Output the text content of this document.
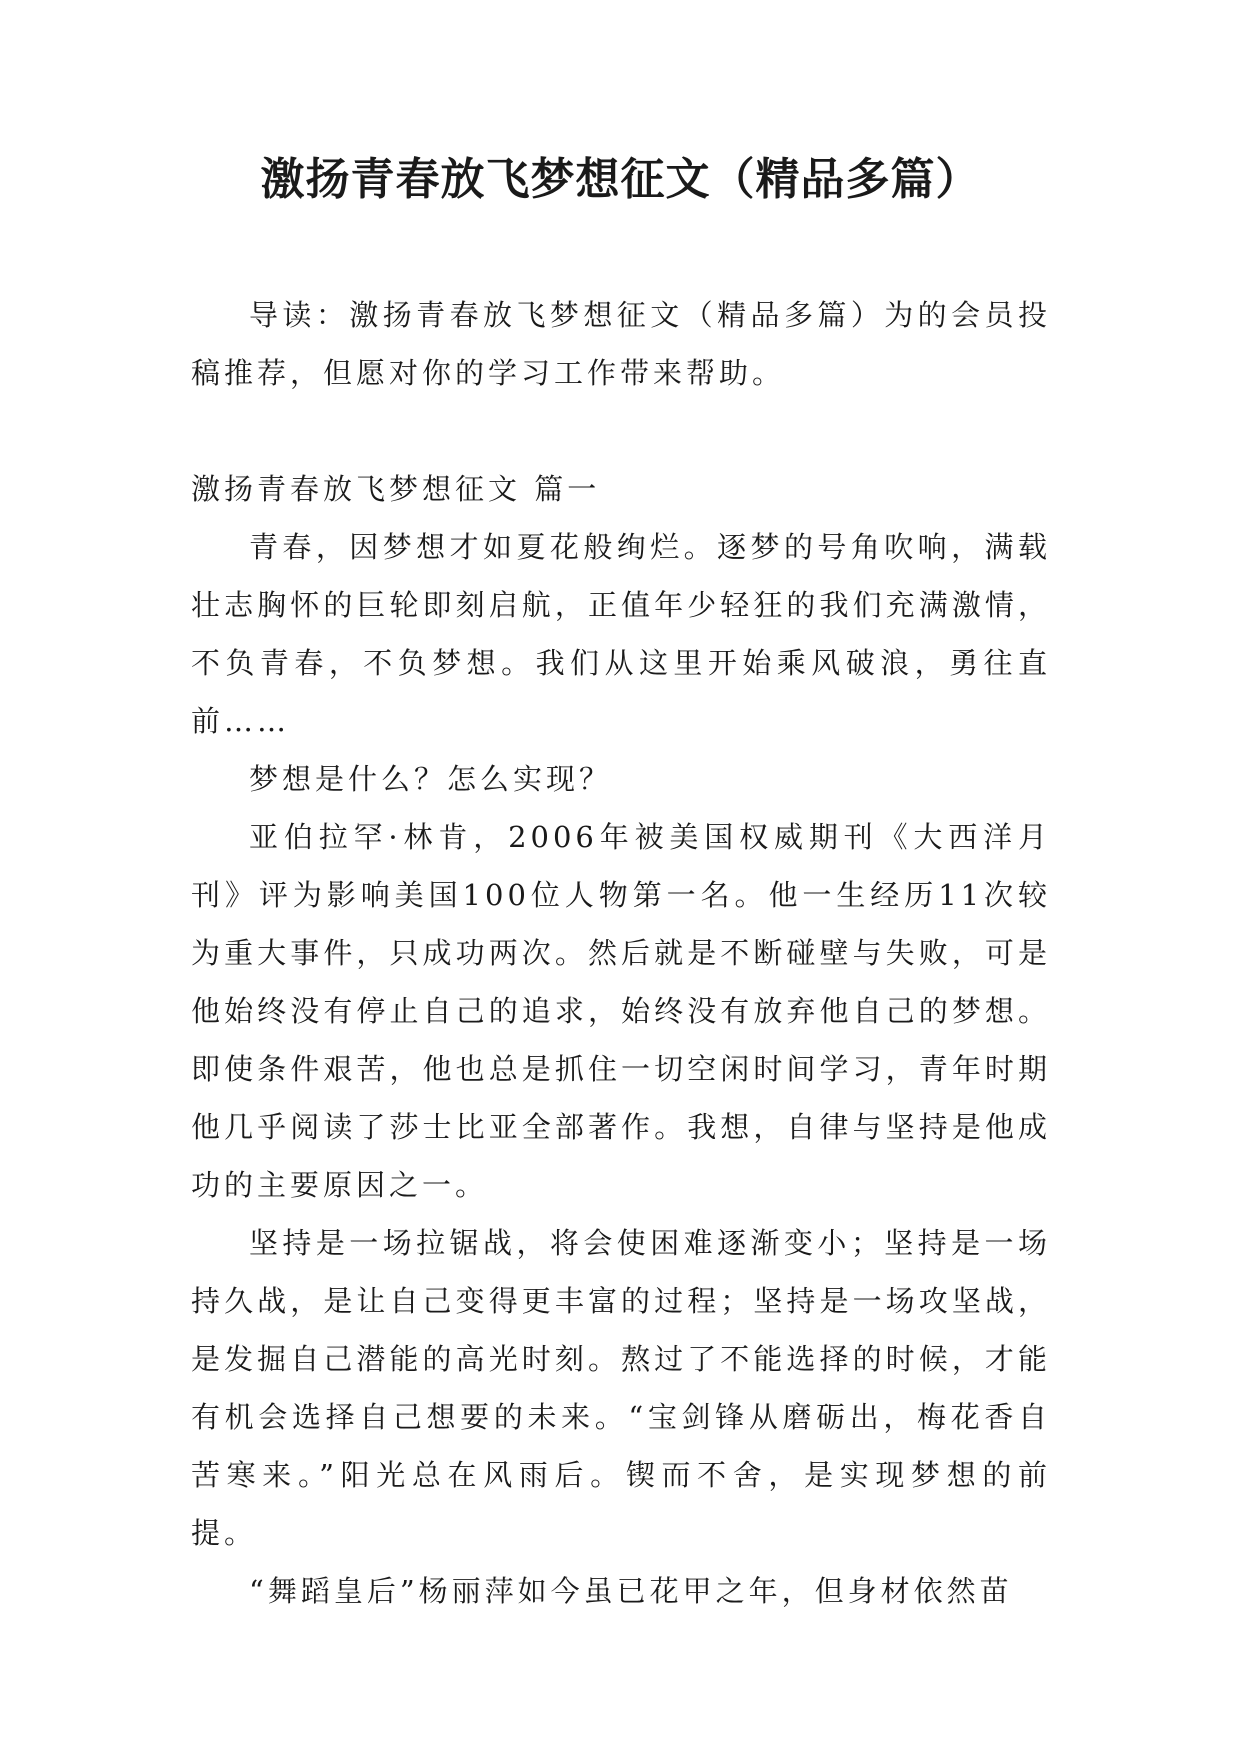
激扬青春放飞梦想征文（精品多篇）

导读：激扬青春放飞梦想征文（精品多篇）为的会员投稿推荐，但愿对你的学习工作带来帮助。

激扬青春放飞梦想征文 篇一

青春，因梦想才如夏花般绚烂。逐梦的号角吹响，满载壮志胸怀的巨轮即刻启航，正值年少轻狂的我们充满激情，不负青春，不负梦想。我们从这里开始乘风破浪，勇往直前……

梦想是什么？怎么实现？

亚伯拉罕·林肯，2006年被美国权威期刊《大西洋月刊》评为影响美国100位人物第一名。他一生经历11次较为重大事件，只成功两次。然后就是不断碰壁与失败，可是他始终没有停止自己的追求，始终没有放弃他自己的梦想。即使条件艰苦，他也总是抓住一切空闲时间学习，青年时期他几乎阅读了莎士比亚全部著作。我想，自律与坚持是他成功的主要原因之一。

坚持是一场拉锯战，将会使困难逐渐变小；坚持是一场持久战，是让自己变得更丰富的过程；坚持是一场攻坚战，是发掘自己潜能的高光时刻。熬过了不能选择的时候，才能有机会选择自己想要的未来。“宝剑锋从磨砺出，梅花香自苦寒来。”阳光总在风雨后。锲而不舍，是实现梦想的前提。

“舞蹈皇后”杨丽萍如今虽已花甲之年，但身材依然苗
